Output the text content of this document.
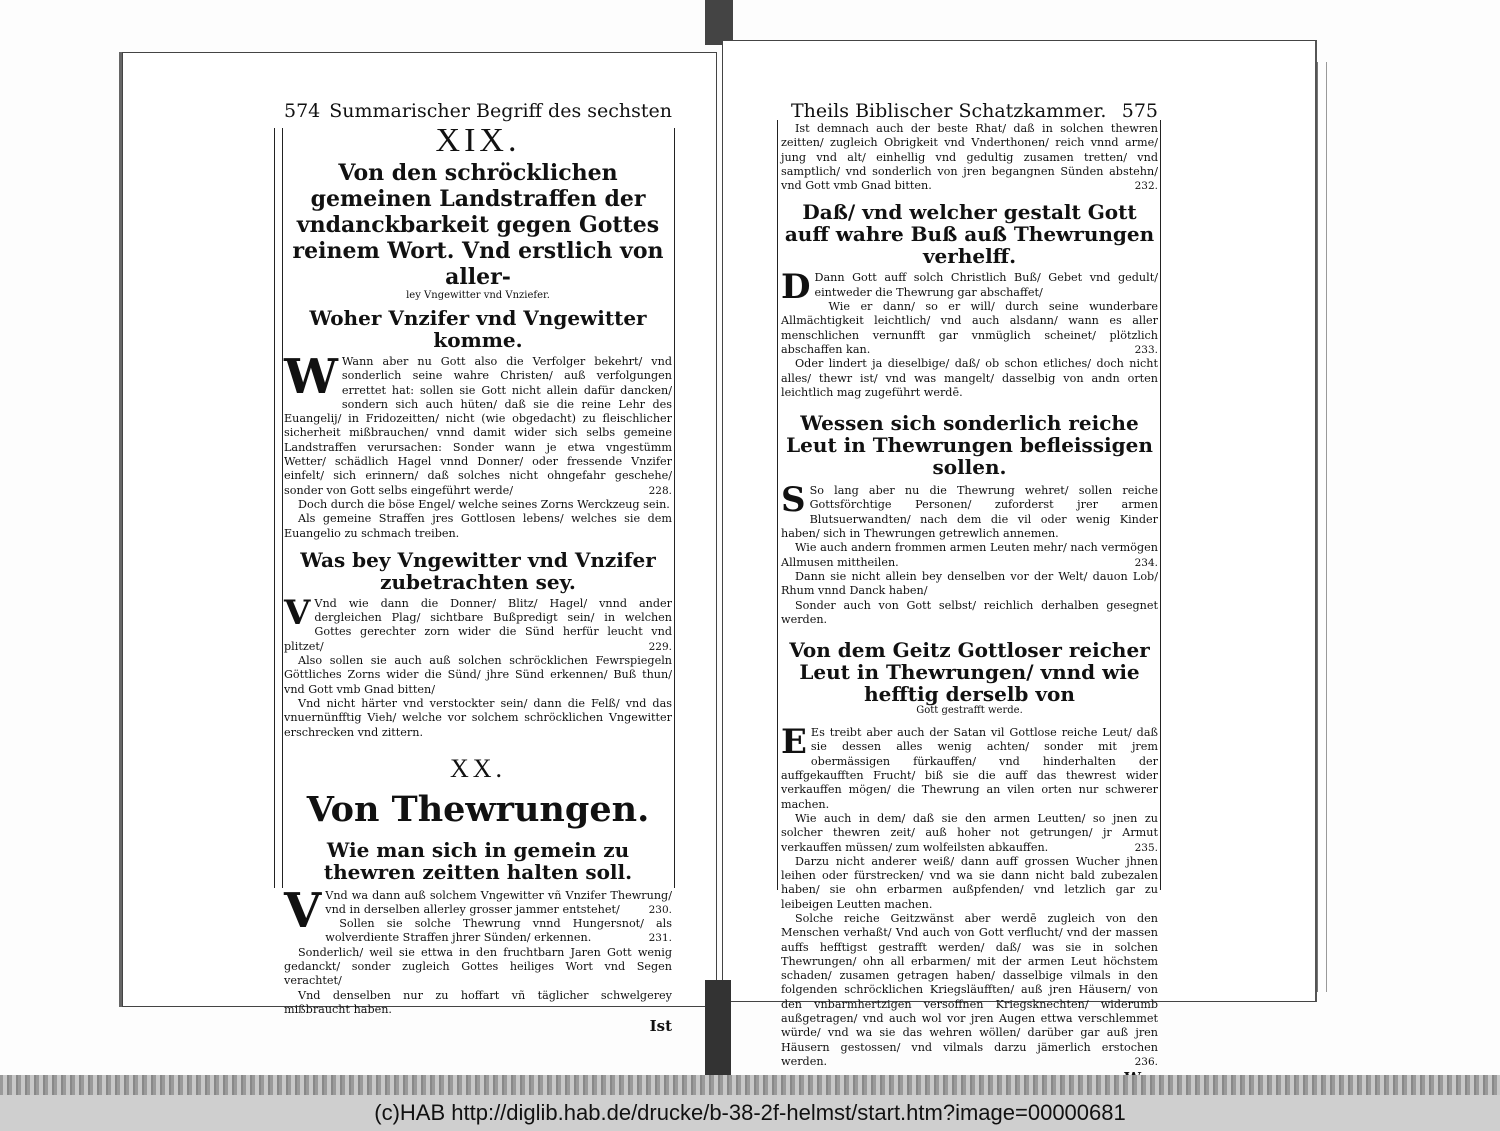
574 Summarischer Begriff des sechsten
XIX.
Von den schröcklichen gemeinen Landstraffen der vndanckbarkeit gegen Gottes reinem Wort. Vnd erstlich von aller-
ley Vngewitter vnd Vnziefer.
Woher Vnzifer vnd Vngewitter komme.

W Wann aber nu Gott also die Verfolger bekehrt/ vnd sonderlich seine wahre Christen/ auß verfolgungen errettet hat: sollen sie Gott nicht allein dafür dancken/ sondern sich auch hüten/ daß sie die reine Lehr des Euangelij/ in Fridozeitten/ nicht (wie obgedacht) zu fleischlicher sicherheit mißbrauchen/ vnnd damit wider sich selbs gemeine Landstraffen verursachen: Sonder wann je etwa vngestümm Wetter/ schädlich Hagel vnnd Donner/ oder fressende Vnzifer einfelt/ sich erinnern/ daß solches nicht ohngefahr geschehe/ sonder von Gott selbs eingeführt werde/	228.

Doch durch die böse Engel/ welche seines Zorns Werckzeug sein.

Als gemeine Straffen jres Gottlosen lebens/ welches sie dem Euangelio zu schmach treiben.

Was bey Vngewitter vnd Vnzifer zubetrachten sey.

V Vnd wie dann die Donner/ Blitz/ Hagel/ vnnd ander dergleichen Plag/ sichtbare Bußpredigt sein/ in welchen Gottes gerechter zorn wider die Sünd herfür leucht vnd plitzet/	229.

Also sollen sie auch auß solchen schröcklichen Fewrspiegeln Göttliches Zorns wider die Sünd/ jhre Sünd erkennen/ Buß thun/ vnd Gott vmb Gnad bitten/

Vnd nicht härter vnd verstockter sein/ dann die Felß/ vnd das vnuernünfftig Vieh/ welche vor solchem schröcklichen Vngewitter erschrecken vnd zittern.

XX.
Von Thewrungen.
Wie man sich in gemein zu thewren zeitten halten soll.

V Vnd wa dann auß solchem Vngewitter vñ Vnzifer Thewrung/ vnd in derselben allerley grosser jammer entstehet/	230.

Sollen sie solche Thewrung vnnd Hungersnot/ als wolverdiente Straffen jhrer Sünden/ erkennen.	231.

Sonderlich/ weil sie ettwa in den fruchtbarn Jaren Gott wenig gedanckt/ sonder zugleich Gottes heiliges Wort vnd Segen verachtet/

Vnd denselben nur zu hoffart vñ täglicher schwelgerey mißbraucht haben.

Ist
Theils Biblischer Schatzkammer. 575

Ist demnach auch der beste Rhat/ daß in solchen thewren zeitten/ zugleich Obrigkeit vnd Vnderthonen/ reich vnnd arme/ jung vnd alt/ einhellig vnd gedultig zusamen tretten/ vnd samptlich/ vnd sonderlich von jren begangnen Sünden abstehn/ vnd Gott vmb Gnad bitten.	232.

Daß/ vnd welcher gestalt Gott auff wahre Buß auß Thewrungen verhelff.

D Dann Gott auff solch Christlich Buß/ Gebet vnd gedult/ eintweder die Thewrung gar abschaffet/

Wie er dann/ so er will/ durch seine wunderbare Allmächtigkeit leichtlich/ vnd auch alsdann/ wann es aller menschlichen vernunfft gar vnmüglich scheinet/ plötzlich abschaffen kan.	233.

Oder lindert ja dieselbige/ daß/ ob schon etliches/ doch nicht alles/ thewr ist/ vnd was mangelt/ dasselbig von andn orten leichtlich mag zugeführt werdē.

Wessen sich sonderlich reiche Leut in Thewrungen befleissigen sollen.

S So lang aber nu die Thewrung wehret/ sollen reiche Gottsförchtige Personen/ zuforderst jrer armen Blutsuerwandten/ nach dem die vil oder wenig Kinder haben/ sich in Thewrungen getrewlich annemen.

Wie auch andern frommen armen Leuten mehr/ nach vermögen Allmusen mittheilen.	234.

Dann sie nicht allein bey denselben vor der Welt/ dauon Lob/ Rhum vnnd Danck haben/

Sonder auch von Gott selbst/ reichlich derhalben gesegnet werden.

Von dem Geitz Gottloser reicher Leut in Thewrungen/ vnnd wie hefftig derselb von
Gott gestrafft werde.

E Es treibt aber auch der Satan vil Gottlose reiche Leut/ daß sie dessen alles wenig achten/ sonder mit jrem obermässigen fürkauffen/ vnd hinderhalten der auffgekaufften Frucht/ biß sie die auff das thewrest wider verkauffen mögen/ die Thewrung an vilen orten nur schwerer machen.

Wie auch in dem/ daß sie den armen Leutten/ so jnen zu solcher thewren zeit/ auß hoher not getrungen/ jr Armut verkauffen müssen/ zum wolfeilsten abkauffen.	235.

Darzu nicht anderer weiß/ dann auff grossen Wucher jhnen leihen oder fürstrecken/ vnd wa sie dann nicht bald zubezalen haben/ sie ohn erbarmen außpfenden/ vnd letzlich gar zu leibeigen Leutten machen.

Solche reiche Geitzwänst aber werdē zugleich von den Menschen verhaßt/ Vnd auch von Gott verflucht/ vnd der massen auffs hefftigst gestrafft werden/ daß/ was sie in solchen Thewrungen/ ohn all erbarmen/ mit der armen Leut höchstem schaden/ zusamen getragen haben/ dasselbige vilmals in den folgenden schröcklichen Kriegsläufften/ auß jren Häusern/ von den vnbarmhertzigen versoffnen Kriegsknechten/ widerumb außgetragen/ vnd auch wol vor jren Augen ettwa verschlemmet würde/ vnd wa sie das wehren wöllen/ darüber gar auß jren Häusern gestossen/ vnd vilmals darzu jämerlich erstochen werden.	236.

(c)HAB http://diglib.hab.de/drucke/b-38-2f-helmst/start.htm?image=00000681
